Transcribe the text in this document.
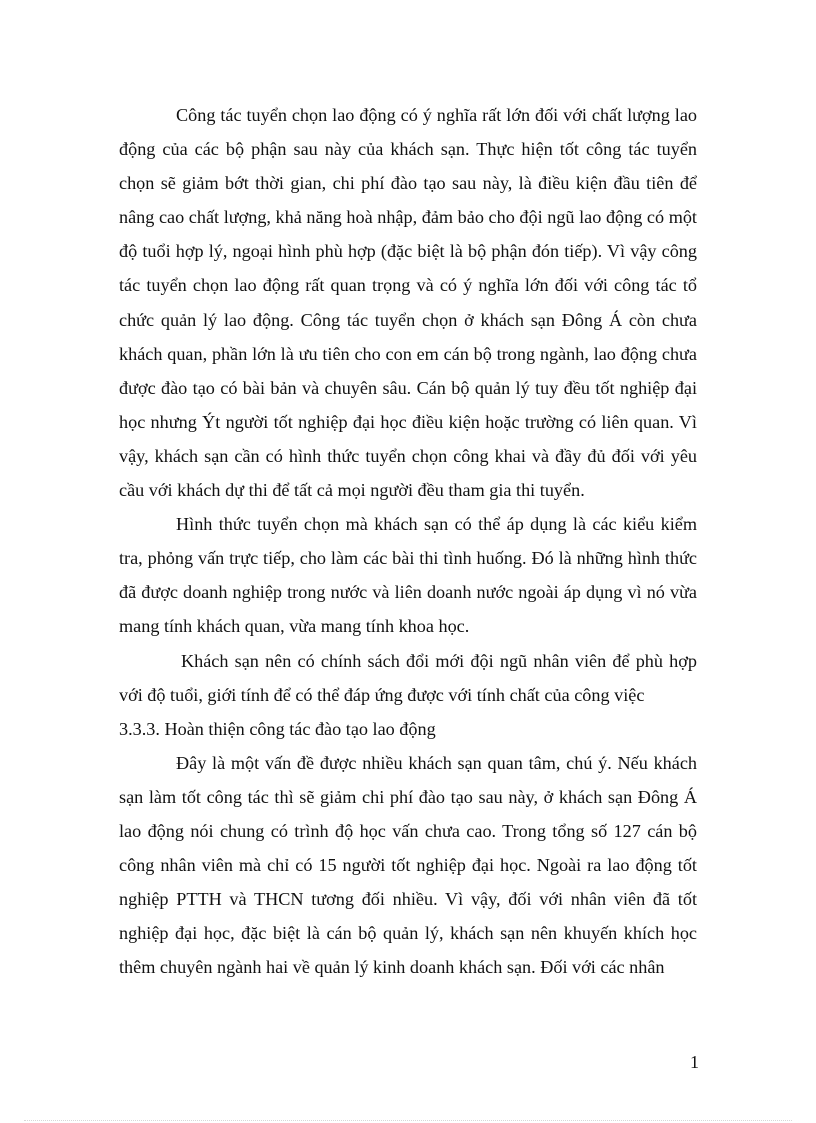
Công tác tuyển chọn lao động có ý nghĩa rất lớn đối với chất lượng lao động của các bộ phận sau này của khách sạn. Thực hiện tốt công tác tuyển chọn sẽ giảm bớt thời gian, chi phí đào tạo sau này, là điều kiện đầu tiên để nâng cao chất lượng, khả năng hoà nhập, đảm bảo cho đội ngũ lao động có một độ tuổi hợp lý, ngoại hình phù hợp (đặc biệt là bộ phận đón tiếp). Vì vậy công tác tuyển chọn lao động rất quan trọng và có ý nghĩa lớn đối với công tác tổ chức quản lý lao động. Công tác tuyển chọn ở khách sạn Đông Á còn chưa khách quan, phần lớn là ưu tiên cho con em cán bộ trong ngành, lao động chưa được đào tạo có bài bản và chuyên sâu. Cán bộ quản lý tuy đều tốt nghiệp đại học nhưng Ýt người tốt nghiệp đại học điều kiện hoặc trường có liên quan. Vì vậy, khách sạn cần có hình thức tuyển chọn công khai và đầy đủ đối với yêu cầu với khách dự thi để tất cả mọi người đều tham gia thi tuyển.

Hình thức tuyển chọn mà khách sạn có thể áp dụng là các kiểu kiểm tra, phỏng vấn trực tiếp, cho làm các bài thi tình huống. Đó là những hình thức đã được doanh nghiệp trong nước và liên doanh nước ngoài áp dụng vì nó vừa mang tính khách quan, vừa mang tính khoa học.

Khách sạn nên có chính sách đổi mới đội ngũ nhân viên để phù hợp với độ tuổi, giới tính để có thể đáp ứng được với tính chất của công việc

3.3.3. Hoàn thiện công tác đào tạo lao động

Đây là một vấn đề được nhiều khách sạn quan tâm, chú ý. Nếu khách sạn làm tốt công tác thì sẽ giảm chi phí đào tạo sau này, ở khách sạn Đông Á lao động nói chung có trình độ học vấn chưa cao. Trong tổng số 127 cán bộ công nhân viên mà chỉ có 15 người tốt nghiệp đại học. Ngoài ra lao động tốt nghiệp PTTH và THCN tương đối nhiều. Vì vậy, đối với nhân viên đã tốt nghiệp đại học, đặc biệt là cán bộ quản lý, khách sạn nên khuyến khích học thêm chuyên ngành hai về quản lý kinh doanh khách sạn. Đối với các nhân

1
